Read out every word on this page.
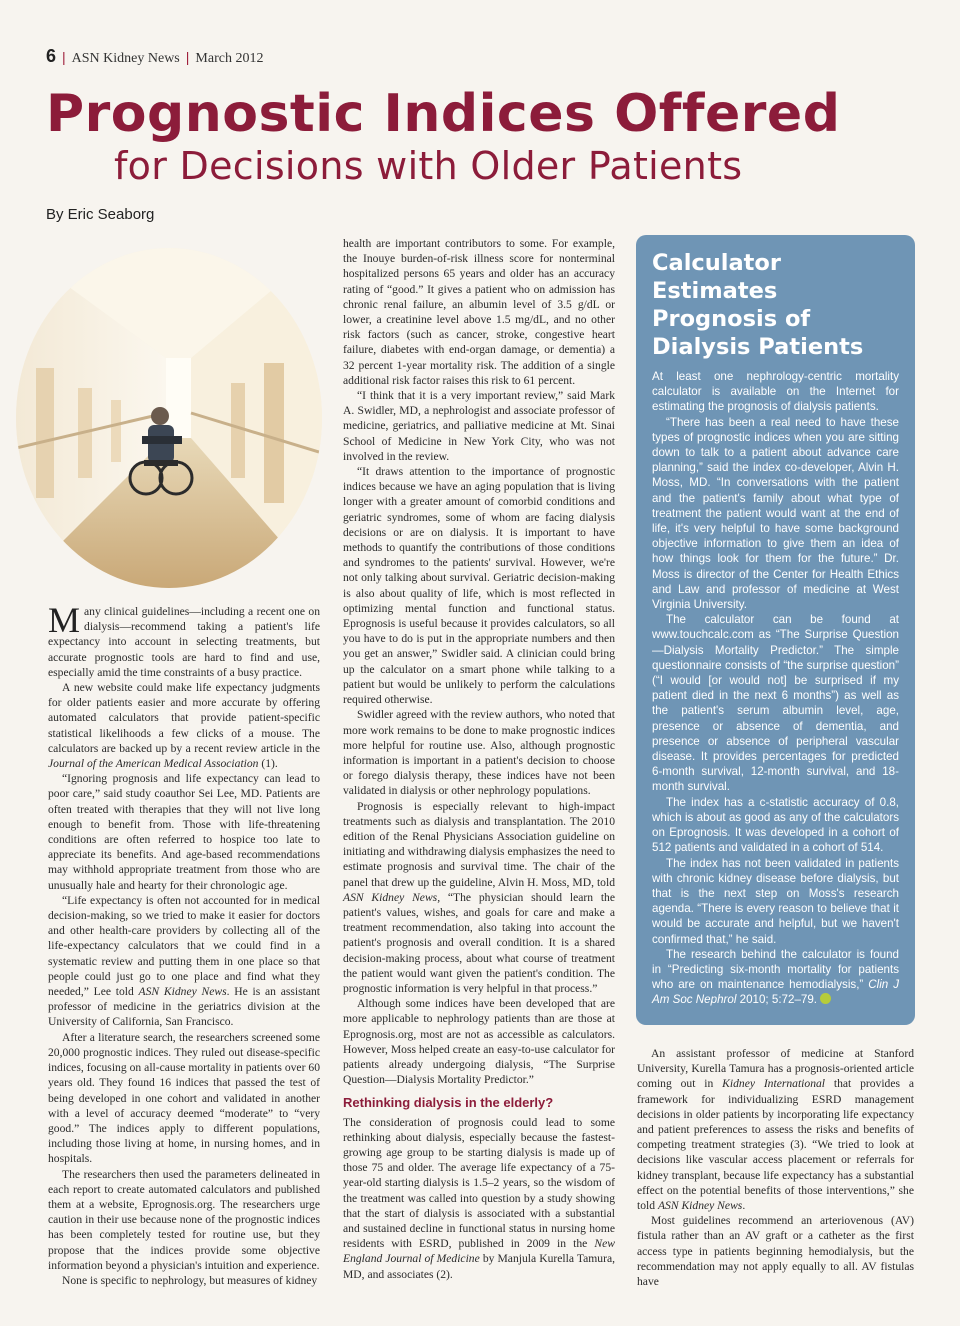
6 | ASN Kidney News | March 2012
Prognostic Indices Offered
for Decisions with Older Patients
By Eric Seaborg

Many clinical guidelines—including a recent one on dialysis—recommend taking a patient's life expectancy into account in selecting treatments, but accurate prognostic tools are hard to find and use, especially amid the time constraints of a busy practice.

A new website could make life expectancy judgments for older patients easier and more accurate by offering automated calculators that provide patient-specific statistical likelihoods a few clicks of a mouse. The calculators are backed up by a recent review article in the Journal of the American Medical Association (1).

“Ignoring prognosis and life expectancy can lead to poor care,” said study coauthor Sei Lee, MD. Patients are often treated with therapies that they will not live long enough to benefit from. Those with life-threatening conditions are often referred to hospice too late to appreciate its benefits. And age-based recommendations may withhold appropriate treatment from those who are unusually hale and hearty for their chronologic age.

“Life expectancy is often not accounted for in medical decision-making, so we tried to make it easier for doctors and other health-care providers by collecting all of the life-expectancy calculators that we could find in a systematic review and putting them in one place so that people could just go to one place and find what they needed,” Lee told ASN Kidney News. He is an assistant professor of medicine in the geriatrics division at the University of California, San Francisco.

After a literature search, the researchers screened some 20,000 prognostic indices. They ruled out disease-specific indices, focusing on all-cause mortality in patients over 60 years old. They found 16 indices that passed the test of being developed in one cohort and validated in another with a level of accuracy deemed “moderate” to “very good.” The indices apply to different populations, including those living at home, in nursing homes, and in hospitals.

The researchers then used the parameters delineated in each report to create automated calculators and published them at a website, Eprognosis.org. The researchers urge caution in their use because none of the prognostic indices has been completely tested for routine use, but they propose that the indices provide some objective information beyond a physician's intuition and experience.

None is specific to nephrology, but measures of kidney

health are important contributors to some. For example, the Inouye burden-of-risk illness score for nonterminal hospitalized persons 65 years and older has an accuracy rating of “good.” It gives a patient who on admission has chronic renal failure, an albumin level of 3.5 g/dL or lower, a creatinine level above 1.5 mg/dL, and no other risk factors (such as cancer, stroke, congestive heart failure, diabetes with end-organ damage, or dementia) a 32 percent 1-year mortality risk. The addition of a single additional risk factor raises this risk to 61 percent.

“I think that it is a very important review,” said Mark A. Swidler, MD, a nephrologist and associate professor of medicine, geriatrics, and palliative medicine at Mt. Sinai School of Medicine in New York City, who was not involved in the review.

“It draws attention to the importance of prognostic indices because we have an aging population that is living longer with a greater amount of comorbid conditions and geriatric syndromes, some of whom are facing dialysis decisions or are on dialysis. It is important to have methods to quantify the contributions of those conditions and syndromes to the patients' survival. However, we're not only talking about survival. Geriatric decision-making is also about quality of life, which is most reflected in optimizing mental function and functional status. Eprognosis is useful because it provides calculators, so all you have to do is put in the appropriate numbers and then you get an answer,” Swidler said. A clinician could bring up the calculator on a smart phone while talking to a patient but would be unlikely to perform the calculations required otherwise.

Swidler agreed with the review authors, who noted that more work remains to be done to make prognostic indices more helpful for routine use. Also, although prognostic information is important in a patient's decision to choose or forego dialysis therapy, these indices have not been validated in dialysis or other nephrology populations.

Prognosis is especially relevant to high-impact treatments such as dialysis and transplantation. The 2010 edition of the Renal Physicians Association guideline on initiating and withdrawing dialysis emphasizes the need to estimate prognosis and survival time. The chair of the panel that drew up the guideline, Alvin H. Moss, MD, told ASN Kidney News, “The physician should learn the patient's values, wishes, and goals for care and make a treatment recommendation, also taking into account the patient's prognosis and overall condition. It is a shared decision-making process, about what course of treatment the patient would want given the patient's condition. The prognostic information is very helpful in that process.”

Although some indices have been developed that are more applicable to nephrology patients than are those at Eprognosis.org, most are not as accessible as calculators. However, Moss helped create an easy-to-use calculator for patients already undergoing dialysis, “The Surprise Question—Dialysis Mortality Predictor.”

Rethinking dialysis in the elderly?

The consideration of prognosis could lead to some rethinking about dialysis, especially because the fastest-growing age group to be starting dialysis is made up of those 75 and older. The average life expectancy of a 75-year-old starting dialysis is 1.5–2 years, so the wisdom of the treatment was called into question by a study showing that the start of dialysis is associated with a substantial and sustained decline in functional status in nursing home residents with ESRD, published in 2009 in the New England Journal of Medicine by Manjula Kurella Tamura, MD, and associates (2).

Calculator Estimates Prognosis of Dialysis Patients

At least one nephrology-centric mortality calculator is available on the Internet for estimating the prognosis of dialysis patients.

“There has been a real need to have these types of prognostic indices when you are sitting down to talk to a patient about advance care planning,” said the index co-developer, Alvin H. Moss, MD. “In conversations with the patient and the patient's family about what type of treatment the patient would want at the end of life, it's very helpful to have some background objective information to give them an idea of how things look for them for the future.” Dr. Moss is director of the Center for Health Ethics and Law and professor of medicine at West Virginia University.

The calculator can be found at www.touchcalc.com as “The Surprise Question—Dialysis Mortality Predictor.” The simple questionnaire consists of “the surprise question” (“I would [or would not] be surprised if my patient died in the next 6 months”) as well as the patient's serum albumin level, age, presence or absence of dementia, and presence or absence of peripheral vascular disease. It provides percentages for predicted 6-month survival, 12-month survival, and 18-month survival.

The index has a c-statistic accuracy of 0.8, which is about as good as any of the calculators on Eprognosis. It was developed in a cohort of 512 patients and validated in a cohort of 514.

The index has not been validated in patients with chronic kidney disease before dialysis, but that is the next step on Moss's research agenda. “There is every reason to believe that it would be accurate and helpful, but we haven't confirmed that,” he said.

The research behind the calculator is found in “Predicting six-month mortality for patients who are on maintenance hemodialysis,” Clin J Am Soc Nephrol 2010; 5:72–79.

An assistant professor of medicine at Stanford University, Kurella Tamura has a prognosis-oriented article coming out in Kidney International that provides a framework for individualizing ESRD management decisions in older patients by incorporating life expectancy and patient preferences to assess the risks and benefits of competing treatment strategies (3). “We tried to look at decisions like vascular access placement or referrals for kidney transplant, because life expectancy has a substantial effect on the potential benefits of those interventions,” she told ASN Kidney News.

Most guidelines recommend an arteriovenous (AV) fistula rather than an AV graft or a catheter as the first access type in patients beginning hemodialysis, but the recommendation may not apply equally to all. AV fistulas have
